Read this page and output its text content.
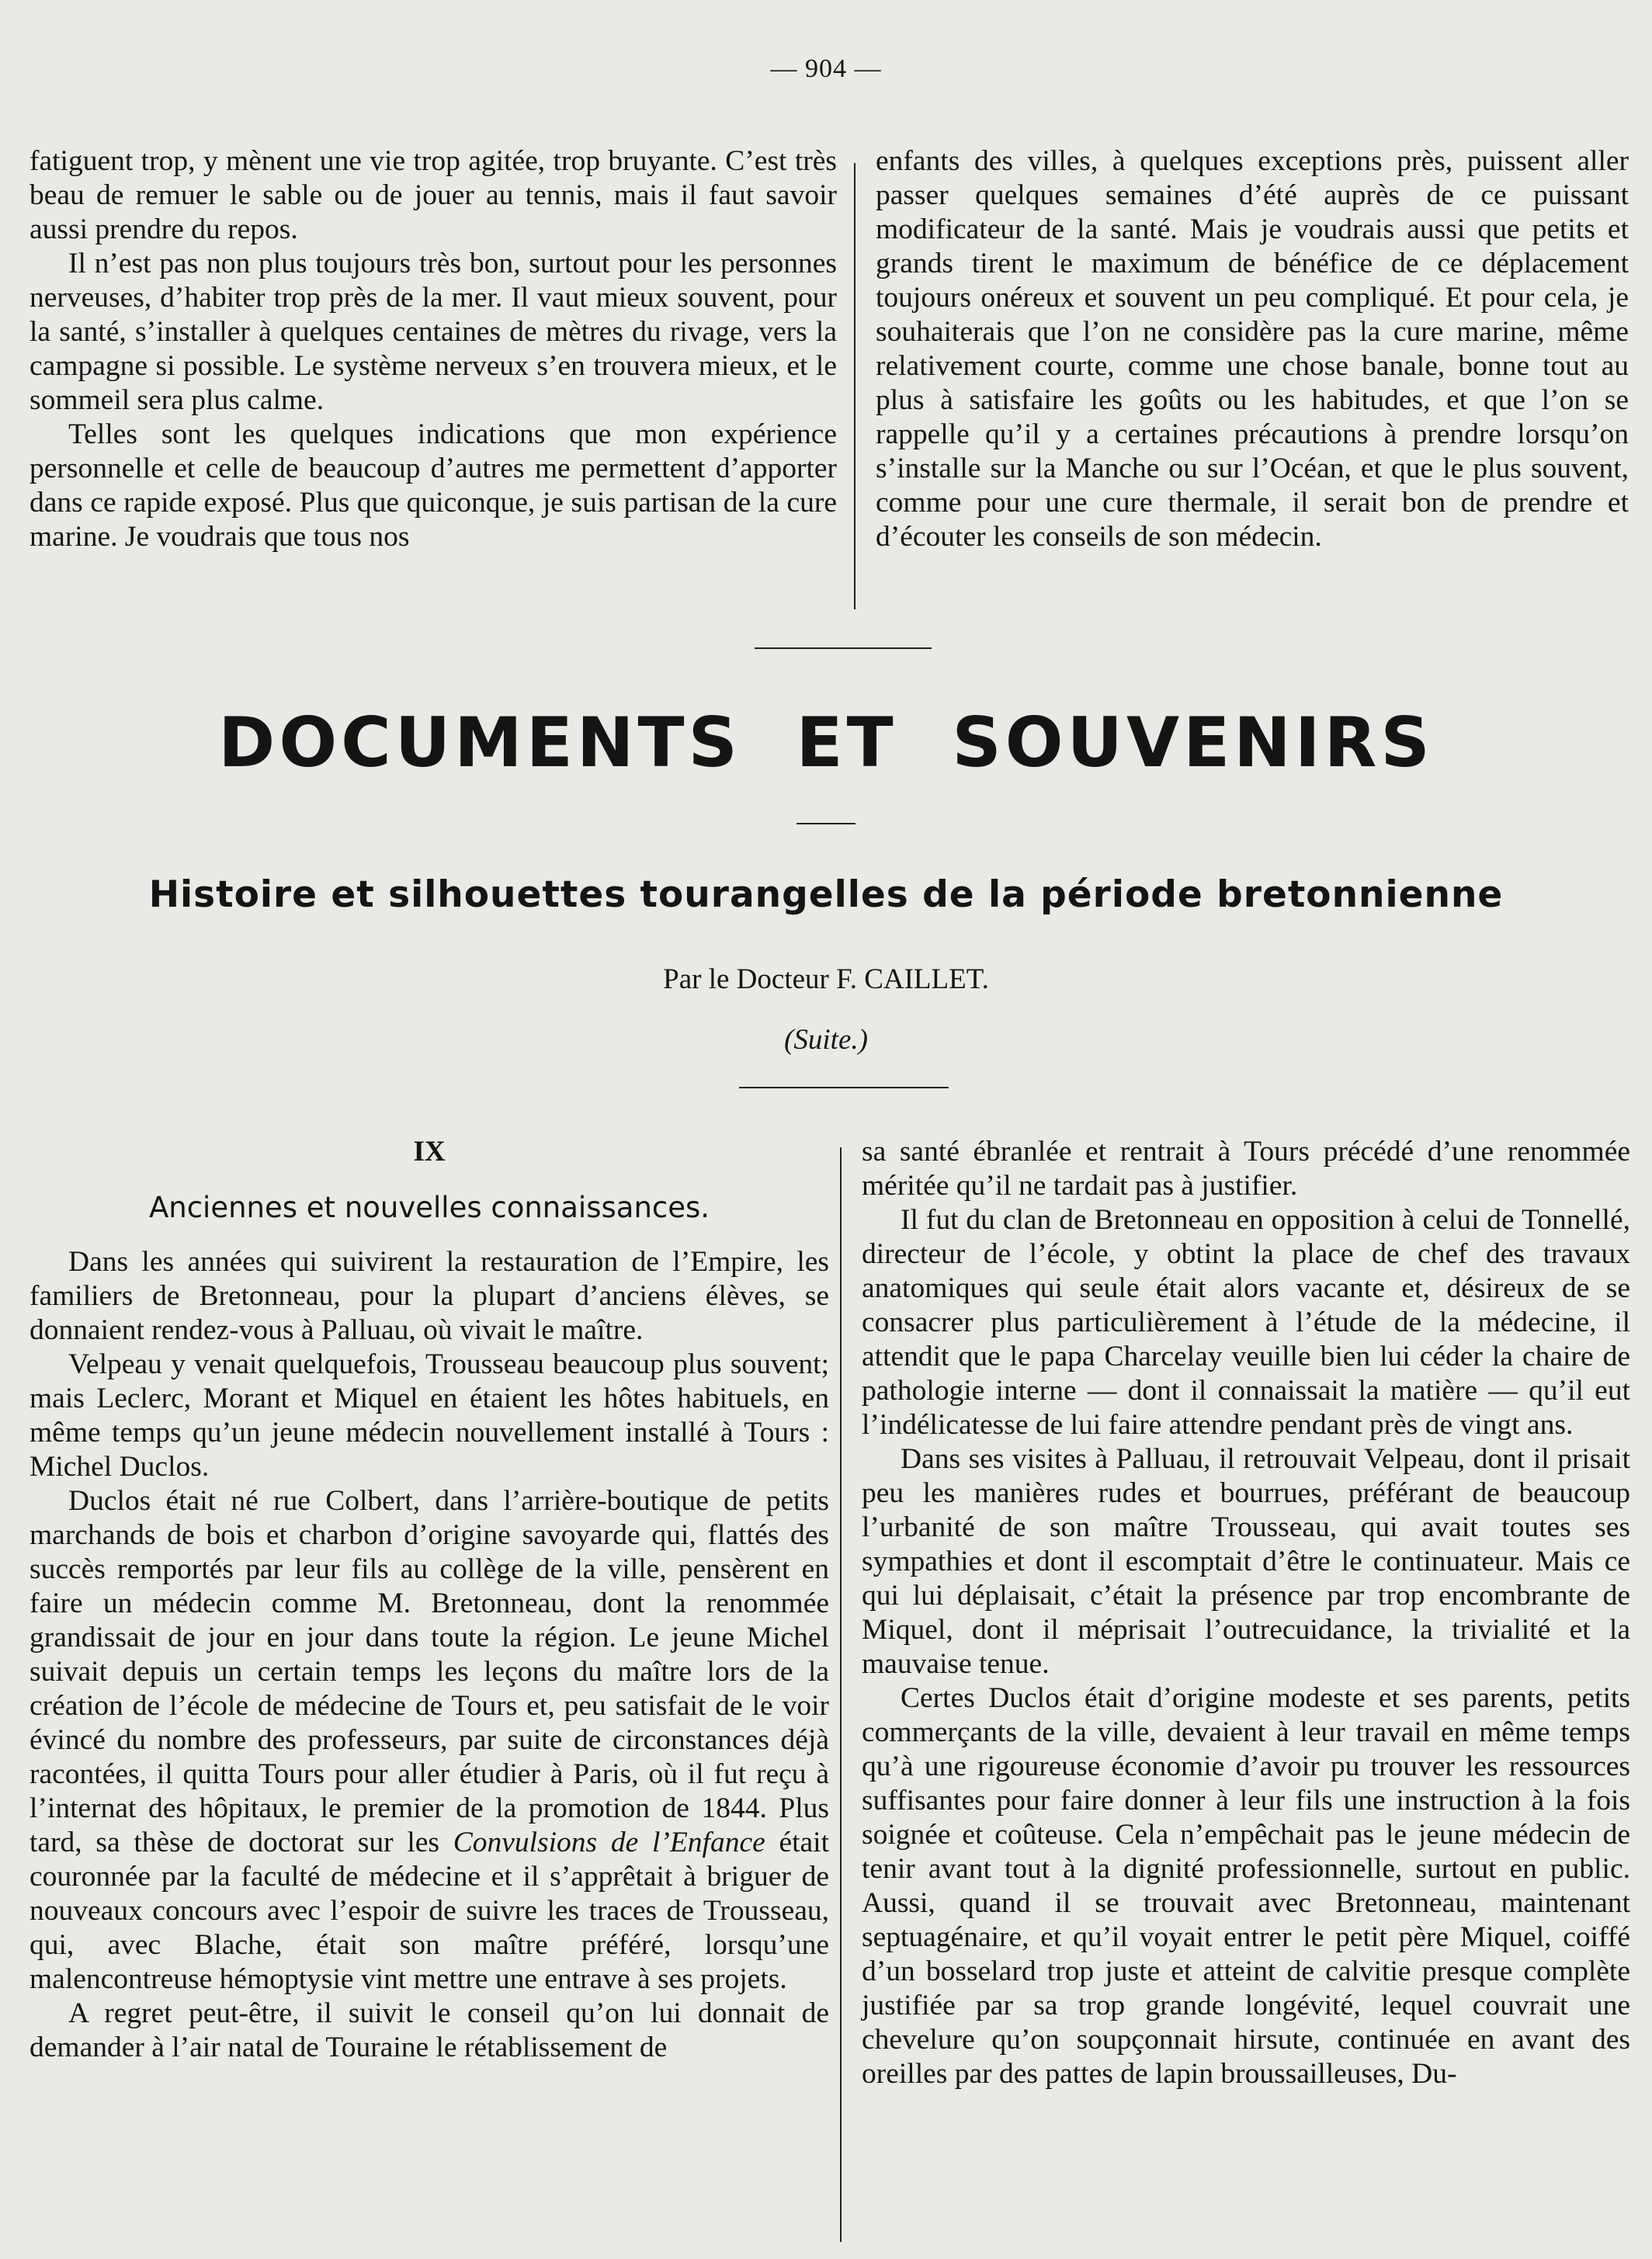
— 904 —

fatiguent trop, y mènent une vie trop agitée, trop bruyante. C’est très beau de remuer le sable ou de jouer au tennis, mais il faut savoir aussi prendre du repos.

Il n’est pas non plus toujours très bon, surtout pour les personnes nerveuses, d’habiter trop près de la mer. Il vaut mieux souvent, pour la santé, s’installer à quelques centaines de mètres du rivage, vers la campagne si possible. Le système nerveux s’en trouvera mieux, et le sommeil sera plus calme.

Telles sont les quelques indications que mon expérience personnelle et celle de beaucoup d’autres me permettent d’apporter dans ce rapide exposé. Plus que quiconque, je suis partisan de la cure marine. Je voudrais que tous nos

enfants des villes, à quelques exceptions près, puissent aller passer quelques semaines d’été auprès de ce puissant modificateur de la santé. Mais je voudrais aussi que petits et grands tirent le maximum de bénéfice de ce déplacement toujours onéreux et souvent un peu compliqué. Et pour cela, je souhaiterais que l’on ne considère pas la cure marine, même relativement courte, comme une chose banale, bonne tout au plus à satisfaire les goûts ou les habitudes, et que l’on se rappelle qu’il y a certaines précautions à prendre lorsqu’on s’installe sur la Manche ou sur l’Océan, et que le plus souvent, comme pour une cure thermale, il serait bon de prendre et d’écouter les conseils de son médecin.

DOCUMENTS ET SOUVENIRS
Histoire et silhouettes tourangelles de la période bretonnienne
Par le Docteur F. CAILLET.
(Suite.)
IX
Anciennes et nouvelles connaissances.

Dans les années qui suivirent la restauration de l’Empire, les familiers de Bretonneau, pour la plupart d’anciens élèves, se donnaient rendez-vous à Palluau, où vivait le maître.

Velpeau y venait quelquefois, Trousseau beaucoup plus souvent; mais Leclerc, Morant et Miquel en étaient les hôtes habituels, en même temps qu’un jeune médecin nouvellement installé à Tours : Michel Duclos.

Duclos était né rue Colbert, dans l’arrière-boutique de petits marchands de bois et charbon d’origine savoyarde qui, flattés des succès remportés par leur fils au collège de la ville, pensèrent en faire un médecin comme M. Bretonneau, dont la renommée grandissait de jour en jour dans toute la région. Le jeune Michel suivait depuis un certain temps les leçons du maître lors de la création de l’école de médecine de Tours et, peu satisfait de le voir évincé du nombre des professeurs, par suite de circonstances déjà racontées, il quitta Tours pour aller étudier à Paris, où il fut reçu à l’internat des hôpitaux, le premier de la promotion de 1844. Plus tard, sa thèse de doctorat sur les Convulsions de l’Enfance était couronnée par la faculté de médecine et il s’apprêtait à briguer de nouveaux concours avec l’espoir de suivre les traces de Trousseau, qui, avec Blache, était son maître préféré, lorsqu’une malencontreuse hémoptysie vint mettre une entrave à ses projets.

A regret peut-être, il suivit le conseil qu’on lui donnait de demander à l’air natal de Touraine le rétablissement de

sa santé ébranlée et rentrait à Tours précédé d’une renommée méritée qu’il ne tardait pas à justifier.

Il fut du clan de Bretonneau en opposition à celui de Tonnellé, directeur de l’école, y obtint la place de chef des travaux anatomiques qui seule était alors vacante et, désireux de se consacrer plus particulièrement à l’étude de la médecine, il attendit que le papa Charcelay veuille bien lui céder la chaire de pathologie interne — dont il connaissait la matière — qu’il eut l’indélicatesse de lui faire attendre pendant près de vingt ans.

Dans ses visites à Palluau, il retrouvait Velpeau, dont il prisait peu les manières rudes et bourrues, préférant de beaucoup l’urbanité de son maître Trousseau, qui avait toutes ses sympathies et dont il escomptait d’être le continuateur. Mais ce qui lui déplaisait, c’était la présence par trop encombrante de Miquel, dont il méprisait l’outrecuidance, la trivialité et la mauvaise tenue.

Certes Duclos était d’origine modeste et ses parents, petits commerçants de la ville, devaient à leur travail en même temps qu’à une rigoureuse économie d’avoir pu trouver les ressources suffisantes pour faire donner à leur fils une instruction à la fois soignée et coûteuse. Cela n’empêchait pas le jeune médecin de tenir avant tout à la dignité professionnelle, surtout en public. Aussi, quand il se trouvait avec Bretonneau, maintenant septuagénaire, et qu’il voyait entrer le petit père Miquel, coiffé d’un bosselard trop juste et atteint de calvitie presque complète justifiée par sa trop grande longévité, lequel couvrait une chevelure qu’on soupçonnait hirsute, continuée en avant des oreilles par des pattes de lapin broussailleuses, Du-
